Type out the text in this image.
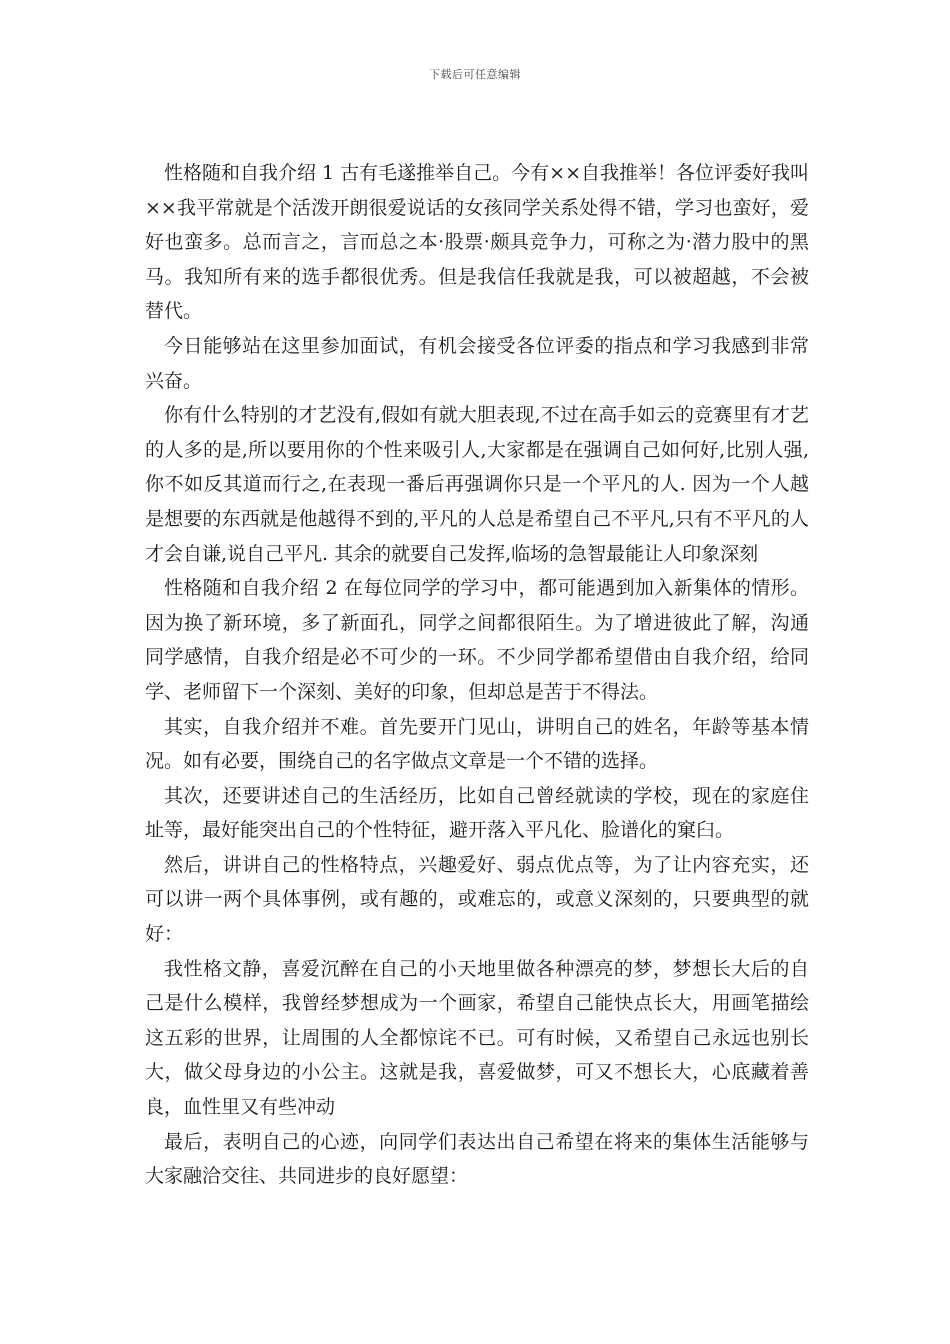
下载后可任意编辑

性格随和自我介绍 1 古有毛遂推举自己。今有××自我推举！各位评委好我叫××我平常就是个活泼开朗很爱说话的女孩同学关系处得不错，学习也蛮好，爱好也蛮多。总而言之，言而总之本·股票·颇具竞争力，可称之为·潜力股中的黑马。我知所有来的选手都很优秀。但是我信任我就是我，可以被超越，不会被替代。

今日能够站在这里参加面试，有机会接受各位评委的指点和学习我感到非常兴奋。

你有什么特别的才艺没有,假如有就大胆表现,不过在高手如云的竞赛里有才艺的人多的是,所以要用你的个性来吸引人,大家都是在强调自己如何好,比别人强,你不如反其道而行之,在表现一番后再强调你只是一个平凡的人. 因为一个人越是想要的东西就是他越得不到的,平凡的人总是希望自己不平凡,只有不平凡的人才会自谦,说自己平凡. 其余的就要自己发挥,临场的急智最能让人印象深刻

性格随和自我介绍 2 在每位同学的学习中，都可能遇到加入新集体的情形。因为换了新环境，多了新面孔，同学之间都很陌生。为了增进彼此了解，沟通同学感情，自我介绍是必不可少的一环。不少同学都希望借由自我介绍，给同学、老师留下一个深刻、美好的印象，但却总是苦于不得法。

其实，自我介绍并不难。首先要开门见山，讲明自己的姓名，年龄等基本情况。如有必要，围绕自己的名字做点文章是一个不错的选择。

其次，还要讲述自己的生活经历，比如自己曾经就读的学校，现在的家庭住址等，最好能突出自己的个性特征，避开落入平凡化、脸谱化的窠臼。

然后，讲讲自己的性格特点，兴趣爱好、弱点优点等，为了让内容充实，还可以讲一两个具体事例，或有趣的，或难忘的，或意义深刻的，只要典型的就好：

我性格文静，喜爱沉醉在自己的小天地里做各种漂亮的梦，梦想长大后的自己是什么模样，我曾经梦想成为一个画家，希望自己能快点长大，用画笔描绘这五彩的世界，让周围的人全都惊诧不已。可有时候，又希望自己永远也别长大，做父母身边的小公主。这就是我，喜爱做梦，可又不想长大，心底藏着善良，血性里又有些冲动

最后，表明自己的心迹，向同学们表达出自己希望在将来的集体生活能够与大家融洽交往、共同进步的良好愿望：
